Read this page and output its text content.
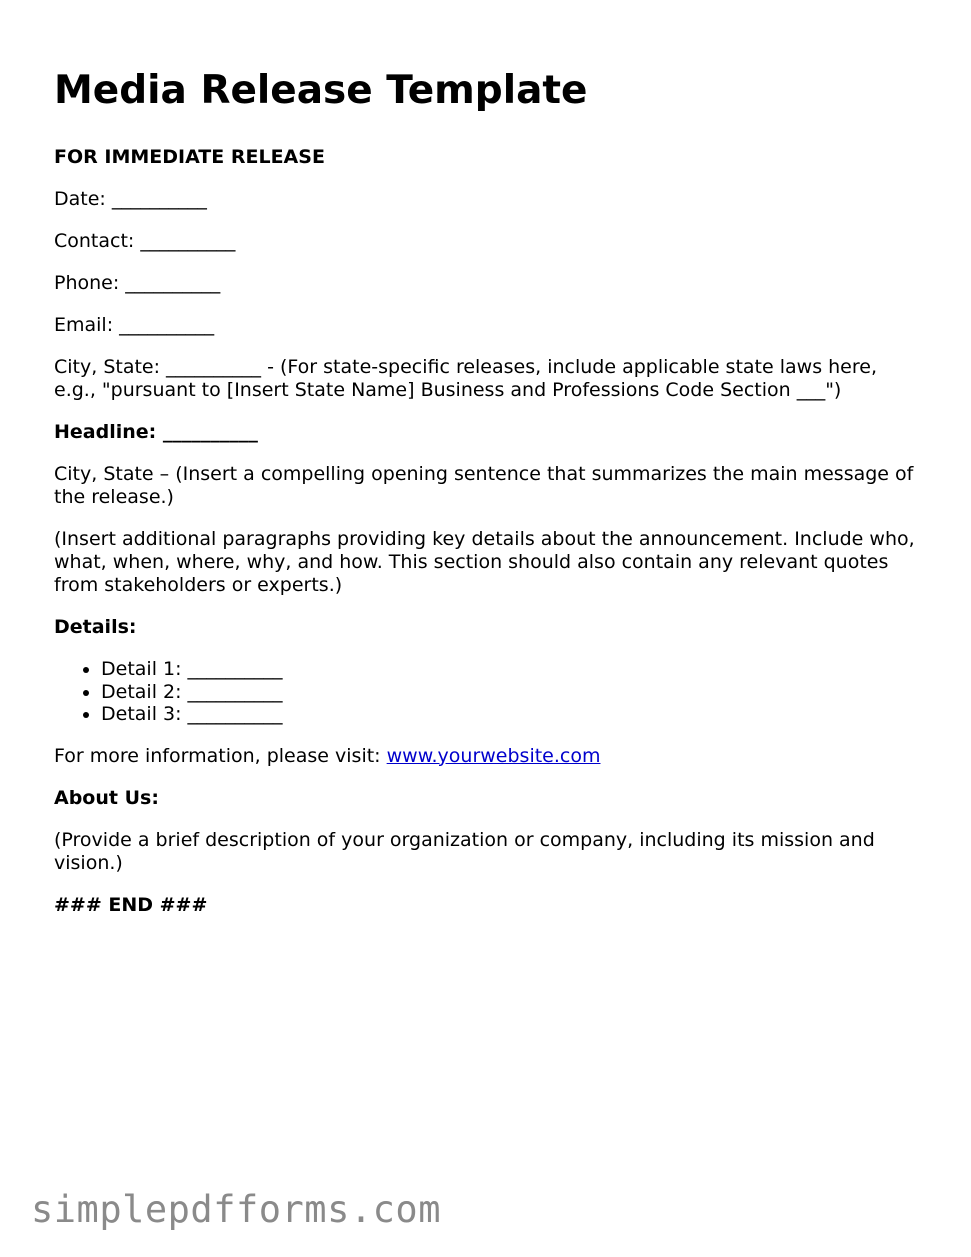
Media Release Template

FOR IMMEDIATE RELEASE

Date: __________

Contact: __________

Phone: __________

Email: __________

City, State: __________ - (For state-specific releases, include applicable state laws here, e.g., "pursuant to [Insert State Name] Business and Professions Code Section ___")

Headline: __________

City, State – (Insert a compelling opening sentence that summarizes the main message of the release.)

(Insert additional paragraphs providing key details about the announcement. Include who, what, when, where, why, and how. This section should also contain any relevant quotes from stakeholders or experts.)

Details:

• Detail 1: __________
• Detail 2: __________
• Detail 3: __________

For more information, please visit: www.yourwebsite.com

About Us:

(Provide a brief description of your organization or company, including its mission and vision.)

### END ###

simplepdfforms.com
